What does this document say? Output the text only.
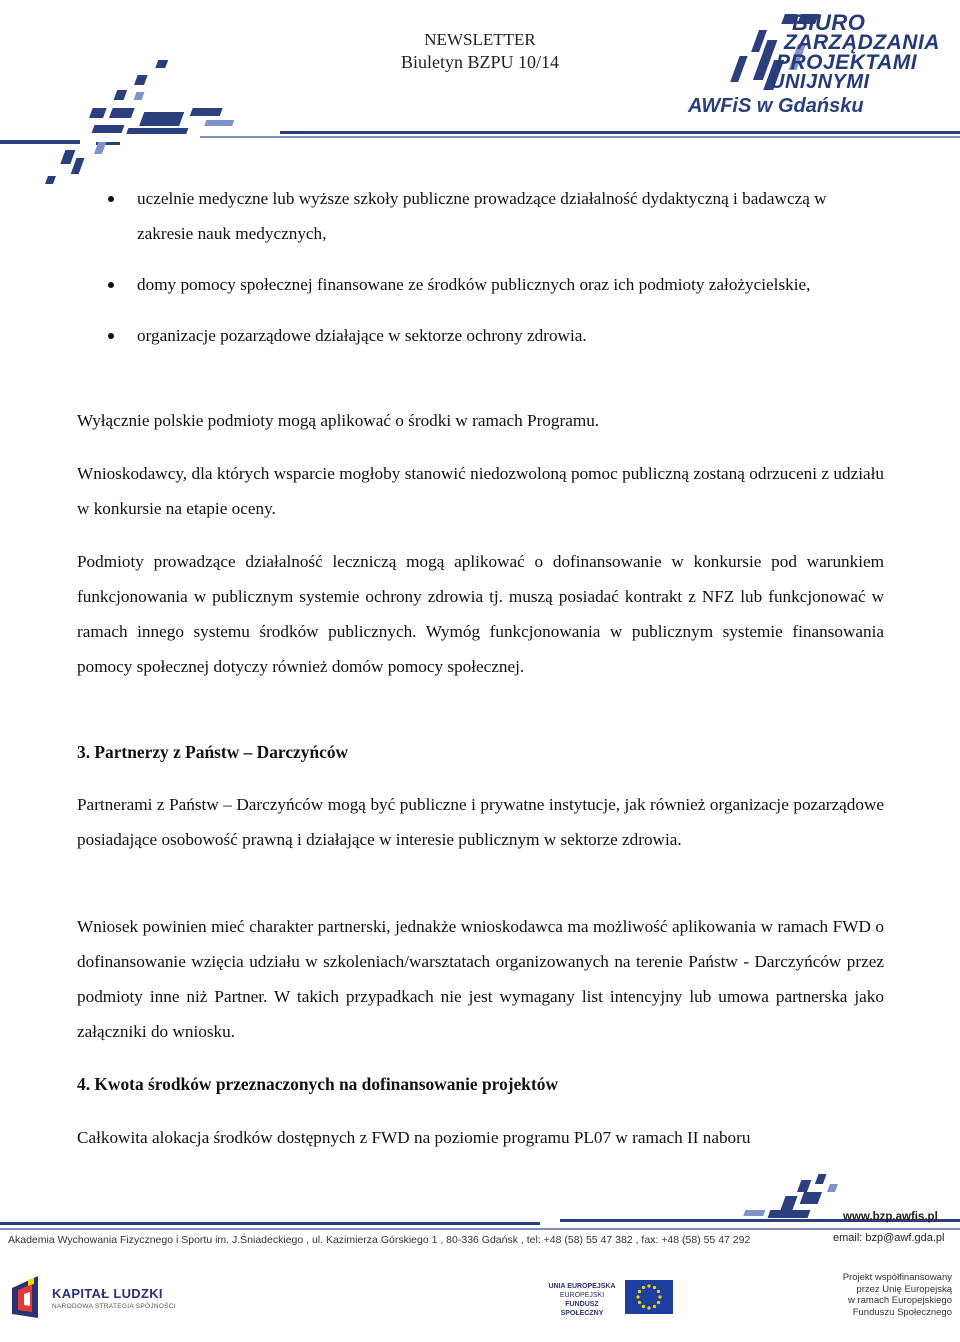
NEWSLETTER
Biuletyn BZPU 10/14
BIURO
ZARZĄDZANIA
PROJEKTAMI
UNIJNYMI
AWFiS w Gdańsku
uczelnie medyczne lub wyższe szkoły publiczne prowadzące działalność dydaktyczną i badawczą w zakresie nauk medycznych,
domy pomocy społecznej finansowane ze środków publicznych oraz ich podmioty założycielskie,
organizacje pozarządowe działające w sektorze ochrony zdrowia.

Wyłącznie polskie podmioty mogą aplikować o środki w ramach Programu.

Wnioskodawcy, dla których wsparcie mogłoby stanowić niedozwoloną pomoc publiczną zostaną odrzuceni z udziału w konkursie na etapie oceny.

Podmioty prowadzące działalność leczniczą mogą aplikować o dofinansowanie w konkursie pod warunkiem funkcjonowania w publicznym systemie ochrony zdrowia tj. muszą posiadać kontrakt z NFZ lub funkcjonować w ramach innego systemu środków publicznych. Wymóg funkcjonowania w publicznym systemie finansowania pomocy społecznej dotyczy również domów pomocy społecznej.

3. Partnerzy z Państw – Darczyńców

Partnerami z Państw – Darczyńców mogą być publiczne i prywatne instytucje, jak również organizacje pozarządowe posiadające osobowość prawną i działające w interesie publicznym w sektorze zdrowia.

Wniosek powinien mieć charakter partnerski, jednakże wnioskodawca ma możliwość aplikowania w ramach FWD o dofinansowanie wzięcia udziału w szkoleniach/warsztatach organizowanych na terenie Państw - Darczyńców przez podmioty inne niż Partner. W takich przypadkach nie jest wymagany list intencyjny lub umowa partnerska jako załączniki do wniosku.

4. Kwota środków przeznaczonych na dofinansowanie projektów

Całkowita alokacja środków dostępnych z FWD na poziomie programu PL07 w ramach II naboru

Akademia Wychowania Fizycznego i Sportu im. J.Śniadeckiego , ul. Kazimierza Górskiego 1 , 80-336 Gdańsk , tel: +48 (58) 55 47 382 , fax: +48 (58) 55 47 292
www.bzp.awfis.pl
email: bzp@awf.gda.pl
KAPITAŁ LUDZKI
NARODOWA STRATEGIA SPÓJNOŚCI
UNIA EUROPEJSKA
EUROPEJSKI
FUNDUSZ SPOŁECZNY
Projekt współfinansowany
przez Unię Europejską
w ramach Europejskiego
Funduszu Społecznego
